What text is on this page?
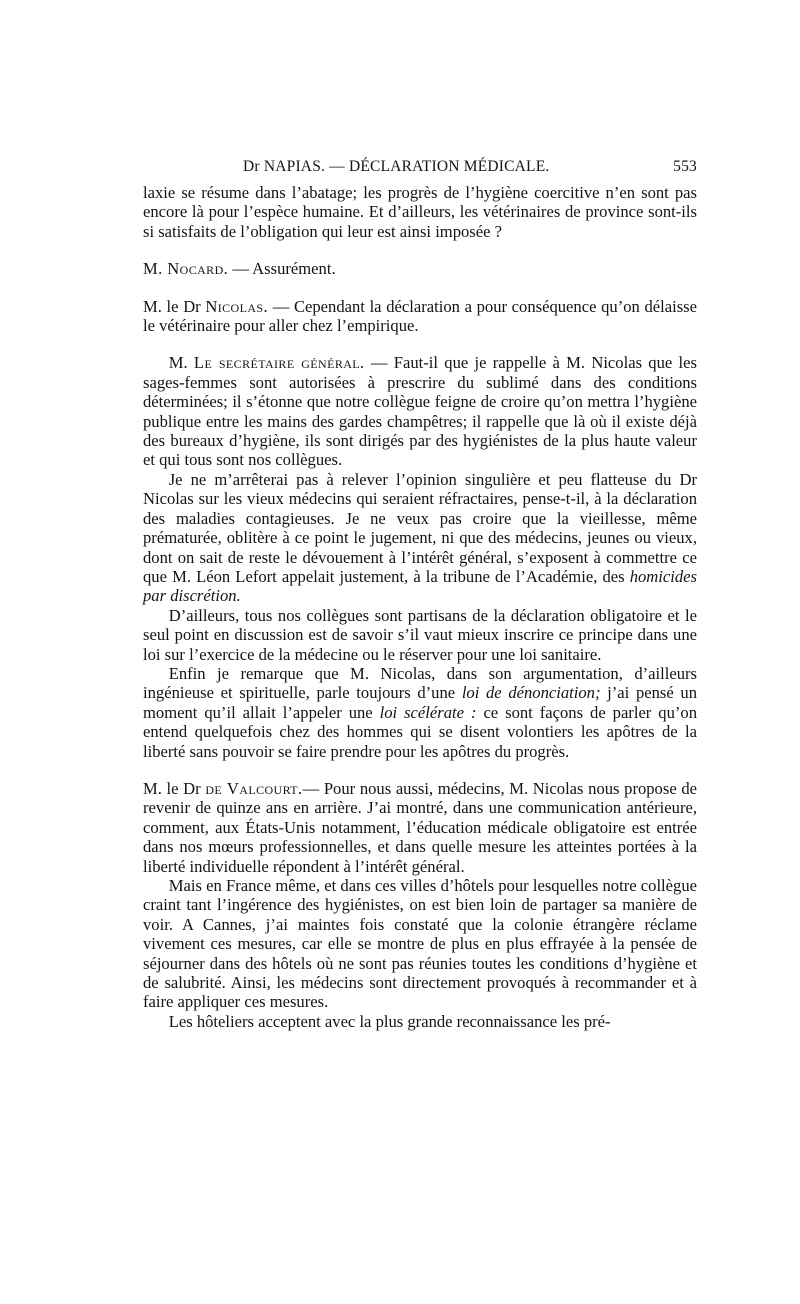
Dr NAPIAS. — DÉCLARATION MÉDICALE.	553

laxie se résume dans l’abatage; les progrès de l’hygiène coercitive n’en sont pas encore là pour l’espèce humaine. Et d’ailleurs, les vétérinaires de province sont-ils si satisfaits de l’obligation qui leur est ainsi imposée ?

M. Nocard. — Assurément.

M. le Dr Nicolas. — Cependant la déclaration a pour conséquence qu’on délaisse le vétérinaire pour aller chez l’empirique.

M. Le secrétaire général. — Faut-il que je rappelle à M. Nicolas que les sages-femmes sont autorisées à prescrire du sublimé dans des conditions déterminées; il s’étonne que notre collègue feigne de croire qu’on mettra l’hygiène publique entre les mains des gardes champêtres; il rappelle que là où il existe déjà des bureaux d’hygiène, ils sont dirigés par des hygiénistes de la plus haute valeur et qui tous sont nos collègues.

Je ne m’arrêterai pas à relever l’opinion singulière et peu flatteuse du Dr Nicolas sur les vieux médecins qui seraient réfractaires, pense-t-il, à la déclaration des maladies contagieuses. Je ne veux pas croire que la vieillesse, même prématurée, oblitère à ce point le jugement, ni que des médecins, jeunes ou vieux, dont on sait de reste le dévouement à l’intérêt général, s’exposent à commettre ce que M. Léon Lefort appelait justement, à la tribune de l’Académie, des homicides par discrétion.

D’ailleurs, tous nos collègues sont partisans de la déclaration obligatoire et le seul point en discussion est de savoir s’il vaut mieux inscrire ce principe dans une loi sur l’exercice de la médecine ou le réserver pour une loi sanitaire.

Enfin je remarque que M. Nicolas, dans son argumentation, d’ailleurs ingénieuse et spirituelle, parle toujours d’une loi de dénonciation; j’ai pensé un moment qu’il allait l’appeler une loi scélérate : ce sont façons de parler qu’on entend quelquefois chez des hommes qui se disent volontiers les apôtres de la liberté sans pouvoir se faire prendre pour les apôtres du progrès.

M. le Dr de Valcourt.— Pour nous aussi, médecins, M. Nicolas nous propose de revenir de quinze ans en arrière. J’ai montré, dans une communication antérieure, comment, aux États-Unis notamment, l’éducation médicale obligatoire est entrée dans nos mœurs professionnelles, et dans quelle mesure les atteintes portées à la liberté individuelle répondent à l’intérêt général.

Mais en France même, et dans ces villes d’hôtels pour lesquelles notre collègue craint tant l’ingérence des hygiénistes, on est bien loin de partager sa manière de voir. A Cannes, j’ai maintes fois constaté que la colonie étrangère réclame vivement ces mesures, car elle se montre de plus en plus effrayée à la pensée de séjourner dans des hôtels où ne sont pas réunies toutes les conditions d’hygiène et de salubrité. Ainsi, les médecins sont directement provoqués à recommander et à faire appliquer ces mesures.

Les hôteliers acceptent avec la plus grande reconnaissance les pré-
